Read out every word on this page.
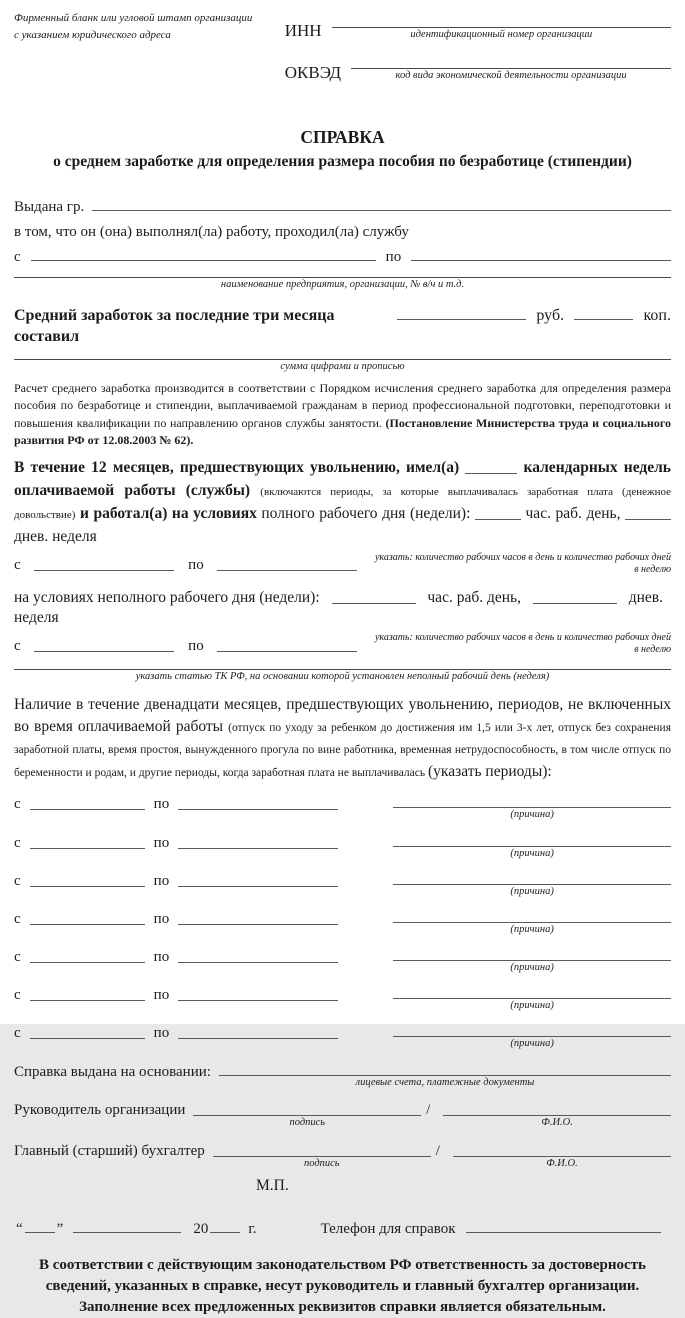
Фирменный бланк или угловой штамп организации
с указанием юридического адреса	ИНН	идентификационный номер организации
ОКВЭД	код вида экономической деятельности организации
СПРАВКА
о среднем заработке для определения размера пособия по безработице (стипендии)
Выдана гр.
в том, что он (она) выполнял(ла) работу, проходил(ла) службу
с	по
наименование предприятия, организации, № в/ч и т.д.
Средний заработок за последние три месяца составил
руб.	коп.
сумма цифрами и прописью

Расчет среднего заработка производится в соответствии с Порядком исчисления среднего заработка для определения размера пособия по безработице и стипендии, выплачиваемой гражданам в период профессиональной подготовки, переподготовки и повышения квалификации по направлению органов службы занятости. (Постановление Министерства труда и социального развития РФ от 12.08.2003 № 62).

В течение 12 месяцев, предшествующих увольнению, имел(а)	календарных недель оплачиваемой работы (службы) (включаются периоды, за которые выплачивалась заработная плата (денежное довольствие) и работал(а) на условиях полного рабочего дня (недели):	час. раб. день,  днев. неделя

с	по
указать: количество рабочих часов в день и количество рабочих дней в неделю
на условиях неполного рабочего дня (недели):	час. раб. день,	днев. неделя
с	по
указать: количество рабочих часов в день и количество рабочих дней в неделю
указать статью ТК РФ, на основании которой установлен неполный рабочий день (неделя)

Наличие в течение двенадцати месяцев, предшествующих увольнению, периодов, не включенных во время оплачиваемой работы (отпуск по уходу за ребенком до достижения им 1,5 или 3-х лет, отпуск без сохранения заработной платы, время простоя, вынужденного прогула по вине работника, временная нетрудоспособность, в том числе отпуск по беременности и родам, и другие периоды, когда заработная плата не выплачивалась (указать периоды):

с	по
(причина)
с	по
(причина)
с	по
(причина)
с	по
(причина)
с	по
(причина)
с	по
(причина)
с	по
(причина)
Справка выдана на основании:
лицевые счета, платежные документы
Руководитель организации
подпись
/
Ф.И.О.
Главный (старший) бухгалтер
подпись
/
Ф.И.О.
М.П.
“ ”	20	г.	Телефон для справок

В соответствии с действующим законодательством РФ ответственность за достоверность сведений, указанных в справке, несут руководитель и главный бухгалтер организации. Заполнение всех предложенных реквизитов справки является обязательным.
